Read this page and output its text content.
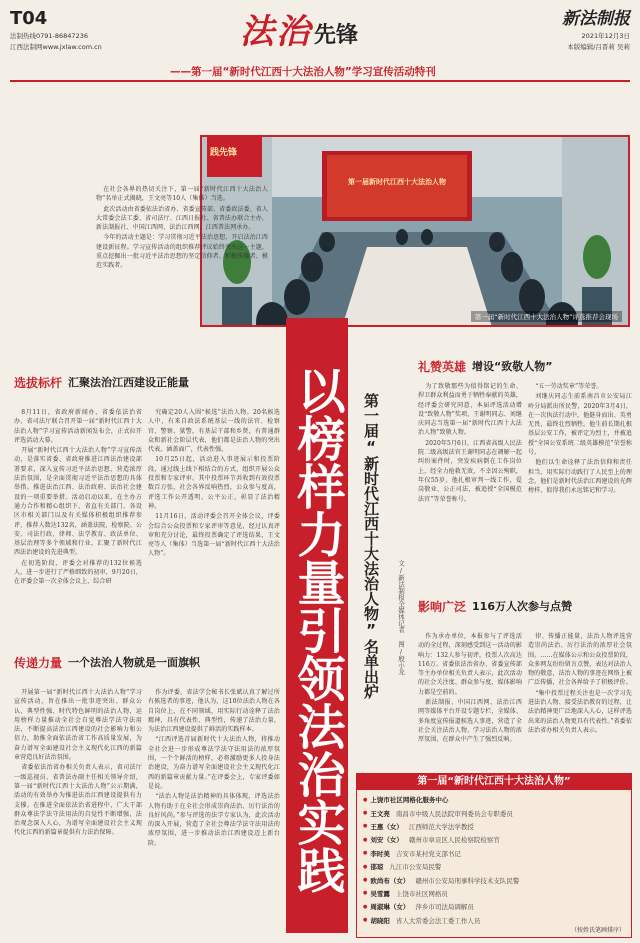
T04
法制热线0791-86847236
江西法制网www.jxlaw.com.cn	法治 先锋
——第一届“新时代江西十大法治人物”学习宣传活动特刊
新法制报
2021年12月3日
本版编辑/吕晋莉 吴莉
践先锋
第一届新时代江西十大法治人物
第一届“新时代江西十大法治人物”评选推荐会现场

在社会各界的热切关注下，第一届“新时代江西十大法治人物”名单正式揭晓，王文亮等10人（集体）当选。

此次活动由省委依法治省办、省委宣传部、省委政法委、省人大常委会法工委、省司法厅、江西日报社、省普法办联合主办，新法制报社、中国江西网、法治江西网、江西普法网承办。

今年的活动主题是：学习贯彻习近平法治思想，开启法治江西建设新征程。学习宣传活动的组织推荐评议始终突出这一主题，重点挖掘出一批习近平法治思想的坚定信仰者、积极传播者、模范实践者。

以榜样力量引领法治实践	第一届“新时代江西十大法治人物”名单出炉	文/新法制报全媒体记者 图/殷小龙
选拔标杆 汇聚法治江西建设正能量

8月11日，省政府新闻办、省委依法治省办、省司法厅联合召开第一届“新时代江西十大法治人物”学习宣传活动新闻发布会，正式拉开评选活动大幕。

开展“新时代江西十大法治人物”学习宣传活动，是落实省委、省政府推进江西法治建设部署要求，深入宣传习近平法治思想、营造浓厚法治氛围，是全面贯彻习近平法治思想的具体举措。推进法治江西、法治政府、法治社会建设的一项重要举措。活动启动以来，在主办方通力合作和精心组织下，省直有关部门、各设区市相关部门以及有关媒体积极组织推荐参评，推荐人数达132名，涵盖法院、检察院、公安、司法行政、律师、法学教育、政法单位、基层治理等多个领域和行业，汇聚了新时代江西法治建设的先进典型。

在初选阶段，评委会对推荐的132位候选人，进一步进行了严格细致的初审，9月20日，在评委会第一次全体会议上，综合研

究确定20人入围“候选”法治人物。20名候选人中，有来自政法系统基层一线的法官、检察官、警察、狱警，有基层干部和乡贤，有普通群众和新社会阶层代表，他们都是法治人物的突出代表，涵盖面广，代表性强。

10月25日起，活动进入事迹展示和投票阶段，通过线上线下相结合的方式，组织开展公众投票和专家评审。其中投票环节共收到有效投票数百万张，社会各界反响热烈，公众参与度高，评选工作公开透明、公平公正，彰显了法治精神。

11月16日，活动评委会召开全体会议，评委会综合公众投票和专家评审等意见，经过认真评审和充分讨论，最终投票确定了评选结果，王文亮等人（集体）当选第一届“新时代江西十大法治人物”。

传递力量 一个法治人物就是一面旗帜

开展第一届“新时代江西十大法治人物”学习宣传活动，旨在推出一批事迹突出、群众公认、典型性强、时代特色鲜明的法治人物，运用榜样力量推动全社会自觉尊法学法守法用法，不断提高法治江西建设的社会影响力和公信力，助推全面依法治省工作高质量发展，为奋力谱写全面建设社会主义现代化江西的新篇章营造良好法治氛围。

省委依法治省办相关负责人表示，省司法厅一级巡视员、省普法办副主任相关领导介绍，第一届“新时代江西十大法治人物”公示期满，活动的有效举办为推进法治江西建设提供有力支撑。在推进全面依法治省进程中，广大干部群众尊法学法守法用法的自觉性不断增强，法治观念深入人心，为谱写全面建设社会主义现代化江西的新篇章提供有力法治保障。

作为评委，省法学会秘书长张斌认真了解过所有候选者的事迹，他认为，这10位法治人物在各自岗位上、在不同领域，用实际行动诠释了法治精神，具有代表性、典型性，传递了法治力量，为法治江西建设提供了鲜活的实践样本。

“江西评选首届新时代十大法治人物，将推动全社会进一步形成尊法学法守法用法的浓厚氛围，一个个鲜活的榜样，必将激励更多人投身法治建设，为奋力谱写全面建设社会主义现代化江西的新篇章贡献力量。”在评委会上，专家评委如是说。

“法治人物是法治精神的具体体现，评选法治人物有助于在全社会形成崇尚法治、厉行法治的良好风尚。”参与评选的法学专家认为，此次活动的深入开展，营造了全社会尊法学法守法用法的浓厚氛围，进一步推动法治江西建设迈上新台阶。

礼赞英雄 增设“致敬人物”

为了致敬那些为值得铭记的生命、捍卫群众利益而勇于牺牲奉献的英雄，经评委会研究同意，本届评选活动增设“致敬人物”奖项，王谢明同志、刘继庆同志当选第一届“新时代江西十大法治人物”致敬人物。

2020年5月6日，江西省高级人民法院二级高级法官王谢明同志在调解一起纠纷案件时，突发疾病倒在工作岗位上，经全力抢救无效，不幸因公殉职，年仅55岁。他扎根审判一线工作，爱岗敬业、公正司法，被追授“全国模范法官”等荣誉称号。

“五一劳动奖章”等荣誉。

刘继庆同志生前系南昌市公安局江岭分局派出所民警，2020年3月4日，在一次执法行动中，他挺身而出、英勇无畏，最终壮烈牺牲。他生前长期扎根基层公安工作，被评定为烈士，并被追授“全国公安系统二级英雄模范”荣誉称号。

他们以生命诠释了法治信仰和责任担当，用实际行动践行了人民至上的理念，他们是新时代法治江西建设的光辉榜样，值得我们永远铭记和学习。

影响广泛 116万人次参与点赞

作为承办单位，本报参与了评选活动的全过程，深刻感受到这一活动的影响力：132人参与初评，投票人次高达116万。省委依法治省办、省委宣传部等主办单位相关负责人表示，此次活动的社会关注度、群众参与度、媒体影响力都是空前的。

新法制报、中国江西网、法治江西网等媒体平台开设专题专栏，全媒体、多角度宣传报道候选人事迹，营造了全社会关注法治人物、学习法治人物的浓厚氛围，在群众中产生了强烈反响。

律、传播正能量，法治人物评选营造崇尚法治、厉行法治的浓厚社会氛围。……在媒体公示和公众投票阶段，众多网友纷纷留言点赞，表达对法治人物的敬意，法治人物的事迹在网络上被广泛传播，社会各界给予了积极评价。

“集中投票过程关注也是一次学习先进法治人物、接受法治教育的过程，让法治精神更广泛地深入人心，这样评选出来的法治人物更具有代表性。”省委依法治省办相关负责人表示。

第一届“新时代江西十大法治人物”
● 上饶市社区网格化服务中心
● 王文亮 南昌市中级人民法院审判委员会专职委员
● 王惠（女） 江西师范大学法学教授
● 刘安（女） 赣州市章贡区人民检察院检察官
● 李时美 吉安市某村党支部书记
● 邵琼 九江市公安局民警
● 欧尚布（女） 赣州市公安局刑事科学技术支队民警
● 吴雪露 上饶市社区网格员
● 周淑琳（女） 萍乡市司法局调解员
● 胡晓阳 省人大常委会法工委工作人员
（按姓氏笔画排序）
